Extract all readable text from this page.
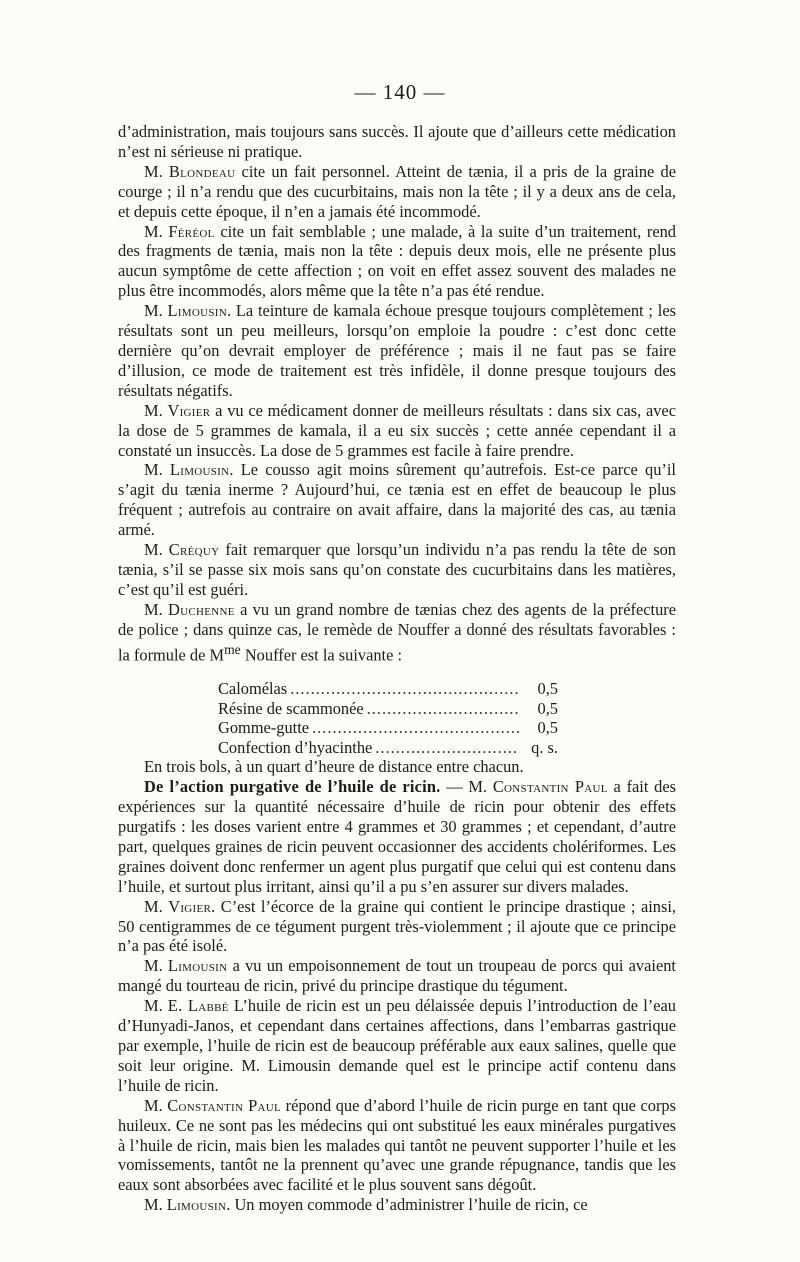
— 140 —

d’administration, mais toujours sans succès. Il ajoute que d’ailleurs cette médication n’est ni sérieuse ni pratique.

M. Blondeau cite un fait personnel. Atteint de tænia, il a pris de la graine de courge ; il n’a rendu que des cucurbitains, mais non la tête ; il y a deux ans de cela, et depuis cette époque, il n’en a jamais été incommodé.

M. Féréol cite un fait semblable ; une malade, à la suite d’un traitement, rend des fragments de tænia, mais non la tête : depuis deux mois, elle ne présente plus aucun symptôme de cette affection ; on voit en effet assez souvent des malades ne plus être incommodés, alors même que la tête n’a pas été rendue.

M. Limousin. La teinture de kamala échoue presque toujours complètement ; les résultats sont un peu meilleurs, lorsqu’on emploie la poudre : c’est donc cette dernière qu’on devrait employer de préférence ; mais il ne faut pas se faire d’illusion, ce mode de traitement est très infidèle, il donne presque toujours des résultats négatifs.

M. Vigier a vu ce médicament donner de meilleurs résultats : dans six cas, avec la dose de 5 grammes de kamala, il a eu six succès ; cette année cependant il a constaté un insuccès. La dose de 5 grammes est facile à faire prendre.

M. Limousin. Le cousso agit moins sûrement qu’autrefois. Est-ce parce qu’il s’agit du tænia inerme ? Aujourd’hui, ce tænia est en effet de beaucoup le plus fréquent ; autrefois au contraire on avait affaire, dans la majorité des cas, au tænia armé.

M. Créquy fait remarquer que lorsqu’un individu n’a pas rendu la tête de son tænia, s’il se passe six mois sans qu’on constate des cucurbitains dans les matières, c’est qu’il est guéri.

M. Duchenne a vu un grand nombre de tænias chez des agents de la préfecture de police ; dans quinze cas, le remède de Nouffer a donné des résultats favorables : la formule de $M^{me}$ Nouffer est la suivante :

Calomélas .....	0,5
Résine de scammonée .....	0,5
Gomme-gutte .....	0,5
Confection d’hyacinthe .....	q. s.

En trois bols, à un quart d’heure de distance entre chacun.

De l’action purgative de l’huile de ricin. — M. Constantin Paul a fait des expériences sur la quantité nécessaire d’huile de ricin pour obtenir des effets purgatifs : les doses varient entre 4 grammes et 30 grammes ; et cependant, d’autre part, quelques graines de ricin peuvent occasionner des accidents cholériformes. Les graines doivent donc renfermer un agent plus purgatif que celui qui est contenu dans l’huile, et surtout plus irritant, ainsi qu’il a pu s’en assurer sur divers malades.

M. Vigier. C’est l’écorce de la graine qui contient le principe drastique ; ainsi, 50 centigrammes de ce tégument purgent très-violemment ; il ajoute que ce principe n’a pas été isolé.

M. Limousin a vu un empoisonnement de tout un troupeau de porcs qui avaient mangé du tourteau de ricin, privé du principe drastique du tégument.

M. E. Labbé L’huile de ricin est un peu délaissée depuis l’introduction de l’eau d’Hunyadi-Janos, et cependant dans certaines affections, dans l’embarras gastrique par exemple, l’huile de ricin est de beaucoup préférable aux eaux salines, quelle que soit leur origine. M. Limousin demande quel est le principe actif contenu dans l’huile de ricin.

M. Constantin Paul répond que d’abord l’huile de ricin purge en tant que corps huileux. Ce ne sont pas les médecins qui ont substitué les eaux minérales purgatives à l’huile de ricin, mais bien les malades qui tantôt ne peuvent supporter l’huile et les vomissements, tantôt ne la prennent qu’avec une grande répugnance, tandis que les eaux sont absorbées avec facilité et le plus souvent sans dégoût.

M. Limousin. Un moyen commode d’administrer l’huile de ricin, ce
